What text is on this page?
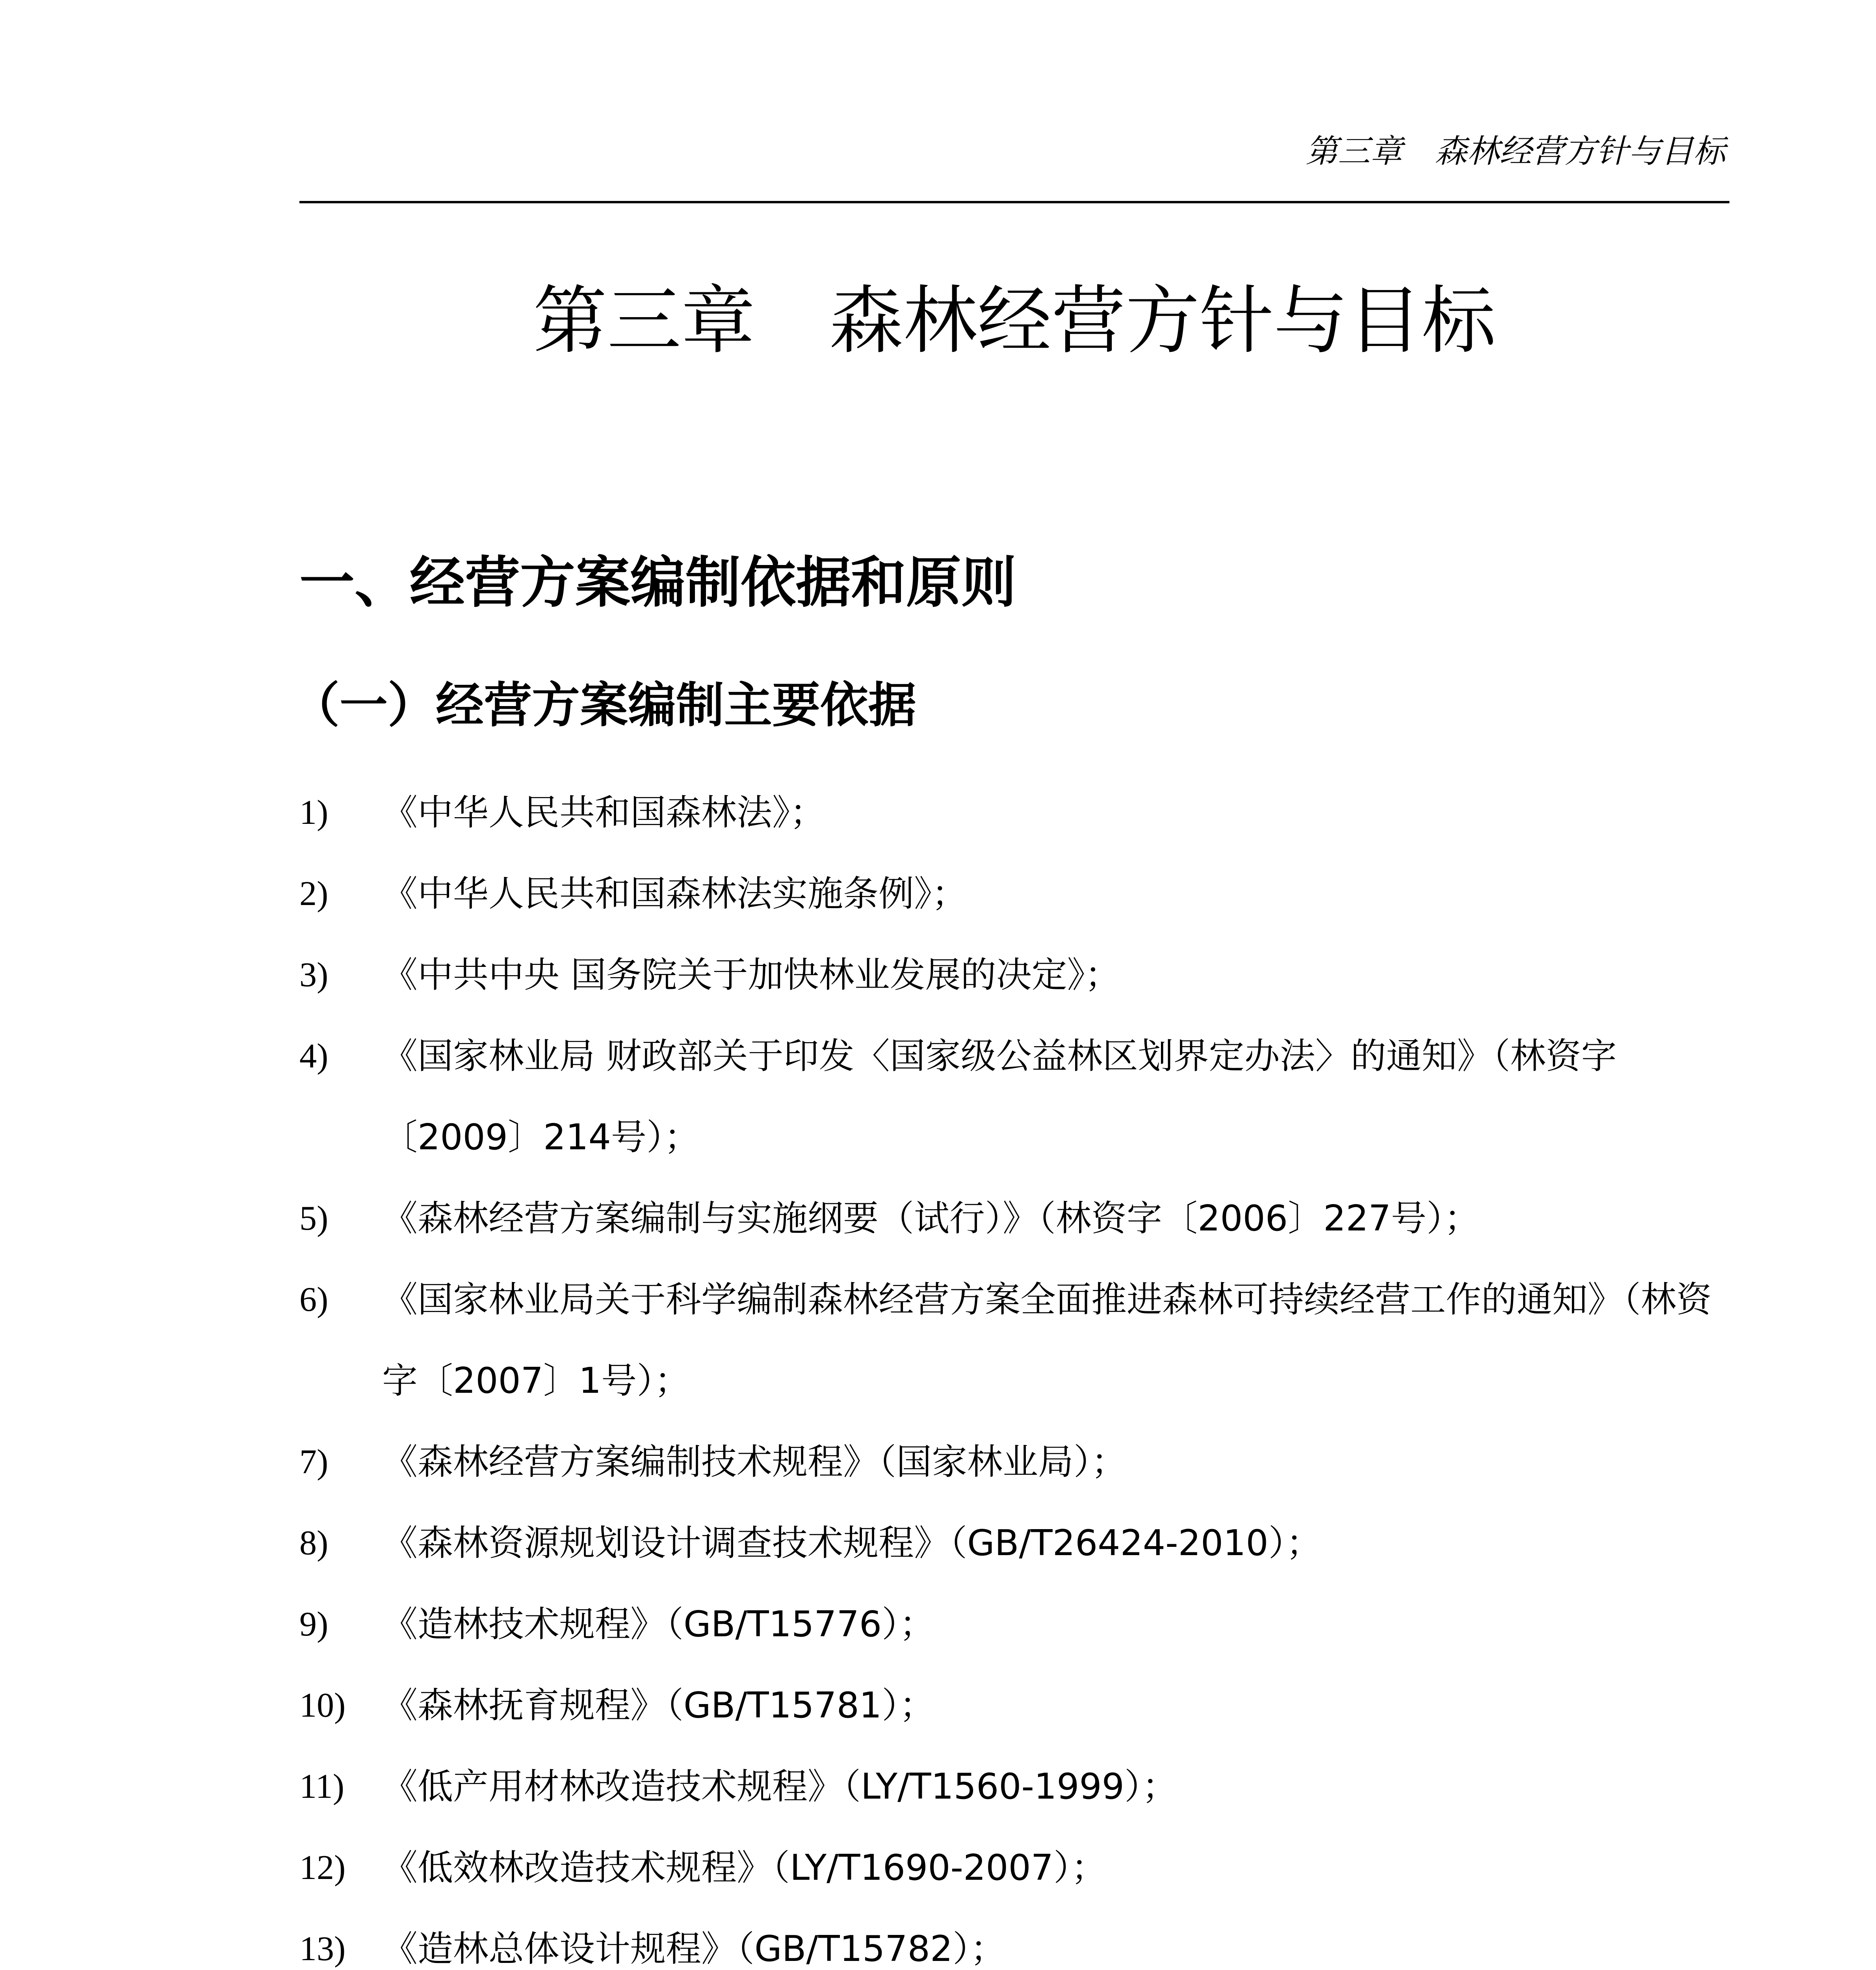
第三章　森林经营方针与目标
第三章　森林经营方针与目标
一、经营方案编制依据和原则
（一）经营方案编制主要依据
1) 《中华人民共和国森林法》；
2) 《中华人民共和国森林法实施条例》；
3) 《中共中央 国务院关于加快林业发展的决定》；
4) 《国家林业局 财政部关于印发〈国家级公益林区划界定办法〉的通知》（林资字〔2009〕214号）；
5) 《森林经营方案编制与实施纲要（试行）》（林资字〔2006〕227号）；
6) 《国家林业局关于科学编制森林经营方案全面推进森林可持续经营工作的通知》（林资字〔2007〕1号）；
7) 《森林经营方案编制技术规程》（国家林业局）；
8) 《森林资源规划设计调查技术规程》（GB/T26424-2010）；
9) 《造林技术规程》（GB/T15776）；
10) 《森林抚育规程》（GB/T15781）；
11) 《低产用材林改造技术规程》（LY/T1560-1999）；
12) 《低效林改造技术规程》（LY/T1690-2007）；
13) 《造林总体设计规程》（GB/T15782）；
